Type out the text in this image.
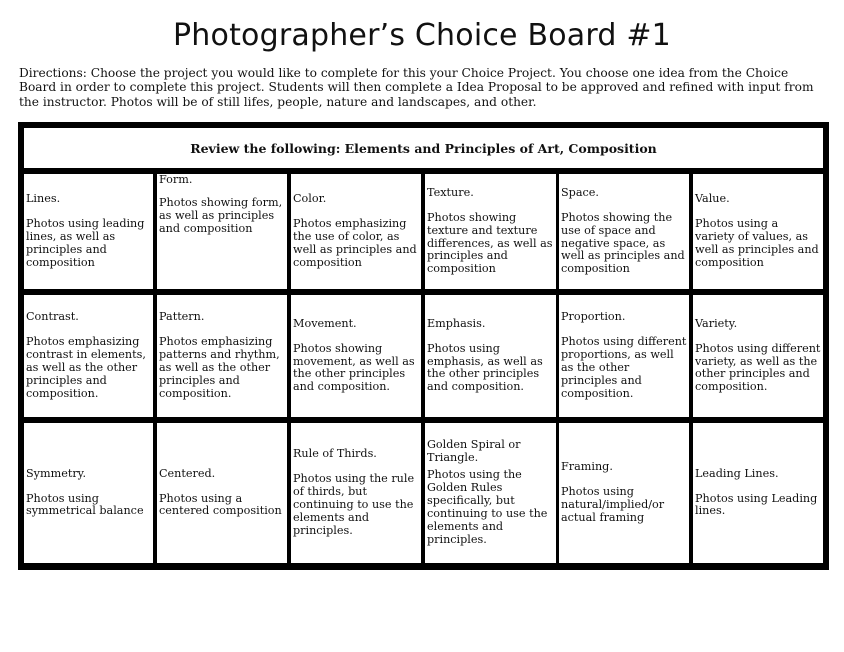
Photographer’s Choice Board #1
Directions: Choose the project you would like to complete for this your Choice Project. You choose one idea from the Choice Board in order to complete this project. Students will then complete a Idea Proposal to be approved and refined with input from the instructor. Photos will be of still lifes, people, nature and landscapes, and other.
Review the following: Elements and Principles of Art, Composition
Lines.
Photos using leading lines, as well as principles and composition
Form.
Photos showing form, as well as principles and composition
Color.
Photos emphasizing the use of color, as well as principles and composition
Texture.
Photos showing texture and texture differences, as well as principles and composition
Space.
Photos showing the use of space and negative space, as well as principles and composition
Value.
Photos using a variety of values, as well as principles and composition
Contrast.
Photos emphasizing contrast in elements, as well as the other principles and composition.
Pattern.
Photos emphasizing patterns and rhythm, as well as the other principles and composition.
Movement.
Photos showing movement, as well as the other principles and composition.
Emphasis.
Photos using emphasis, as well as the other principles and composition.
Proportion.
Photos using different proportions, as well as the other principles and composition.
Variety.
Photos using different variety, as well as the other principles and composition.
Symmetry.
Photos using symmetrical balance
Centered.
Photos using a centered composition
Rule of Thirds.
Photos using the rule of thirds, but continuing to use the elements and principles.
Golden Spiral or Triangle.
Photos using the Golden Rules specifically, but continuing to use the elements and principles.
Framing.
Photos using natural/implied/or actual framing
Leading Lines.
Photos using Leading lines.
